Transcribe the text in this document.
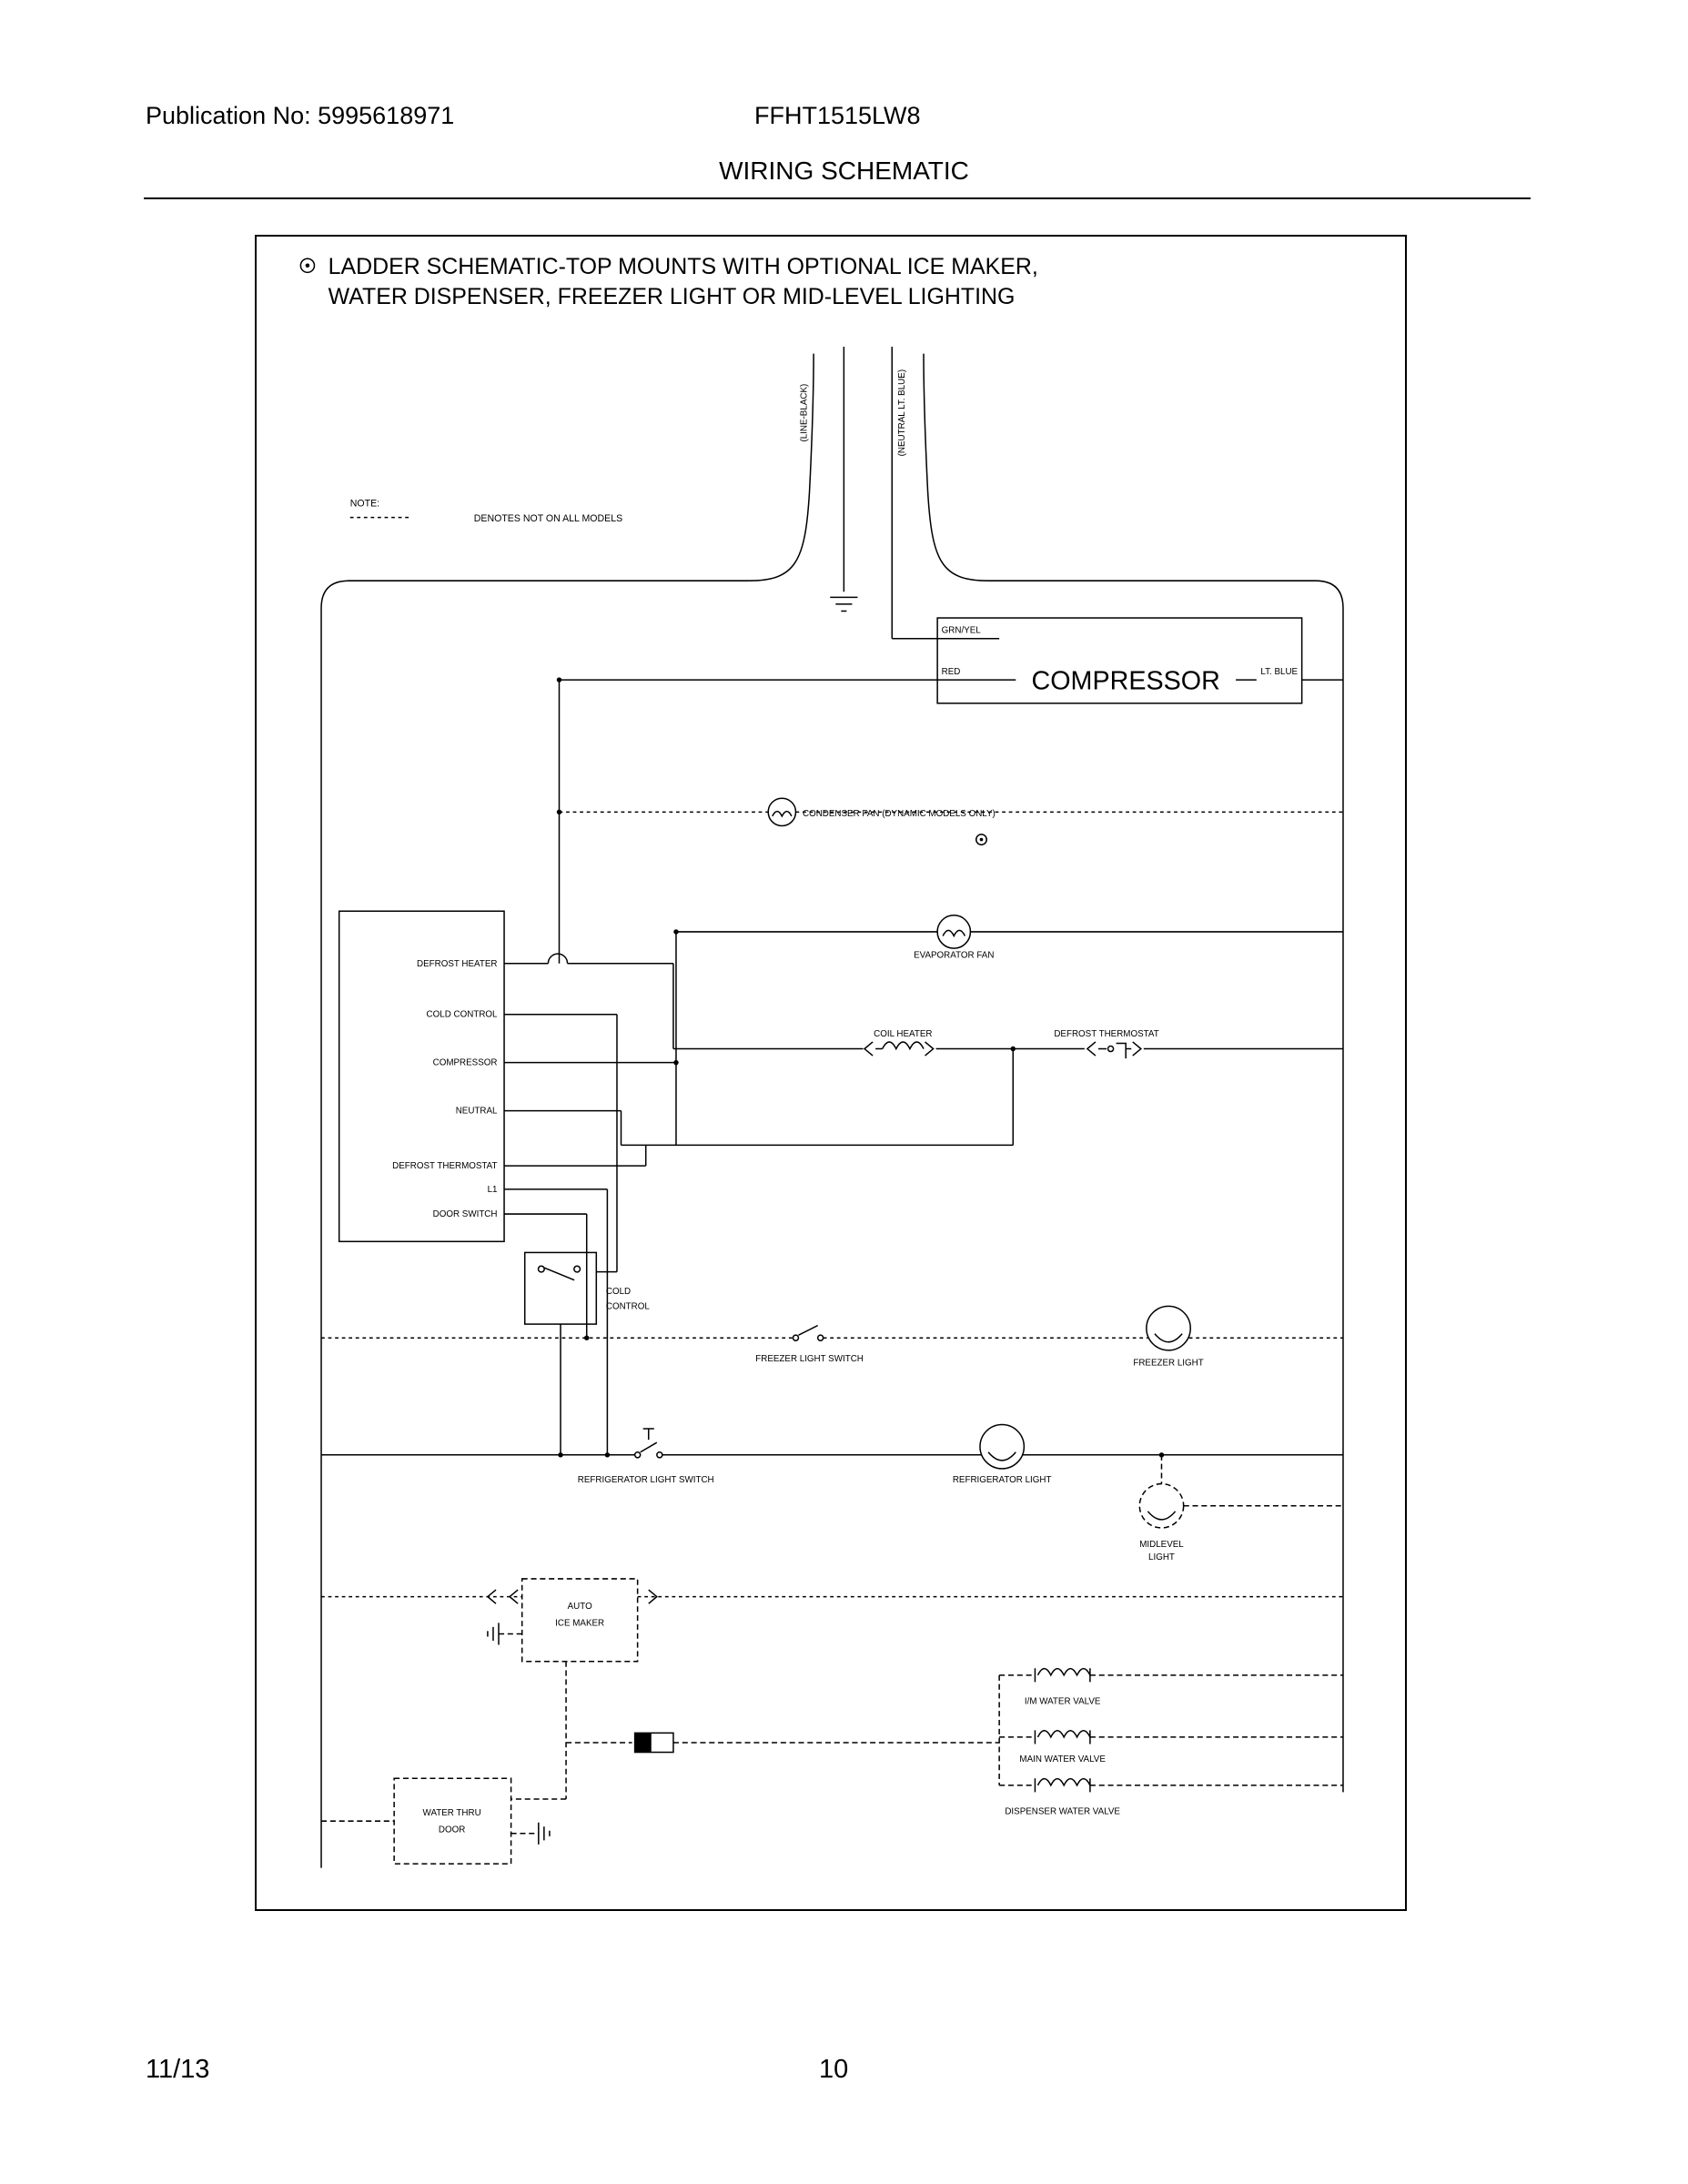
Publication No: 5995618971	FFHT1515LW8
WIRING SCHEMATIC
LADDER SCHEMATIC-TOP MOUNTS WITH OPTIONAL ICE MAKER,
WATER DISPENSER, FREEZER LIGHT OR MID-LEVEL LIGHTING
NOTE:
DENOTES NOT ON ALL MODELS
(LINE-BLACK)	(NEUTRAL LT. BLUE)
GRN/YEL
RED	COMPRESSOR	LT. BLUE
CONDENSER FAN (DYNAMIC MODELS ONLY)
EVAPORATOR FAN
DEFROST HEATER
COLD CONTROL
COMPRESSOR
NEUTRAL
DEFROST THERMOSTAT
L1
DOOR SWITCH
COIL HEATER	DEFROST THERMOSTAT
COLD
CONTROL
FREEZER LIGHT SWITCH	FREEZER LIGHT
REFRIGERATOR LIGHT SWITCH	REFRIGERATOR LIGHT
MIDLEVEL
LIGHT
AUTO
ICE MAKER
I/M WATER VALVE
MAIN WATER VALVE
DISPENSER WATER VALVE
WATER THRU
DOOR
11/13	10
